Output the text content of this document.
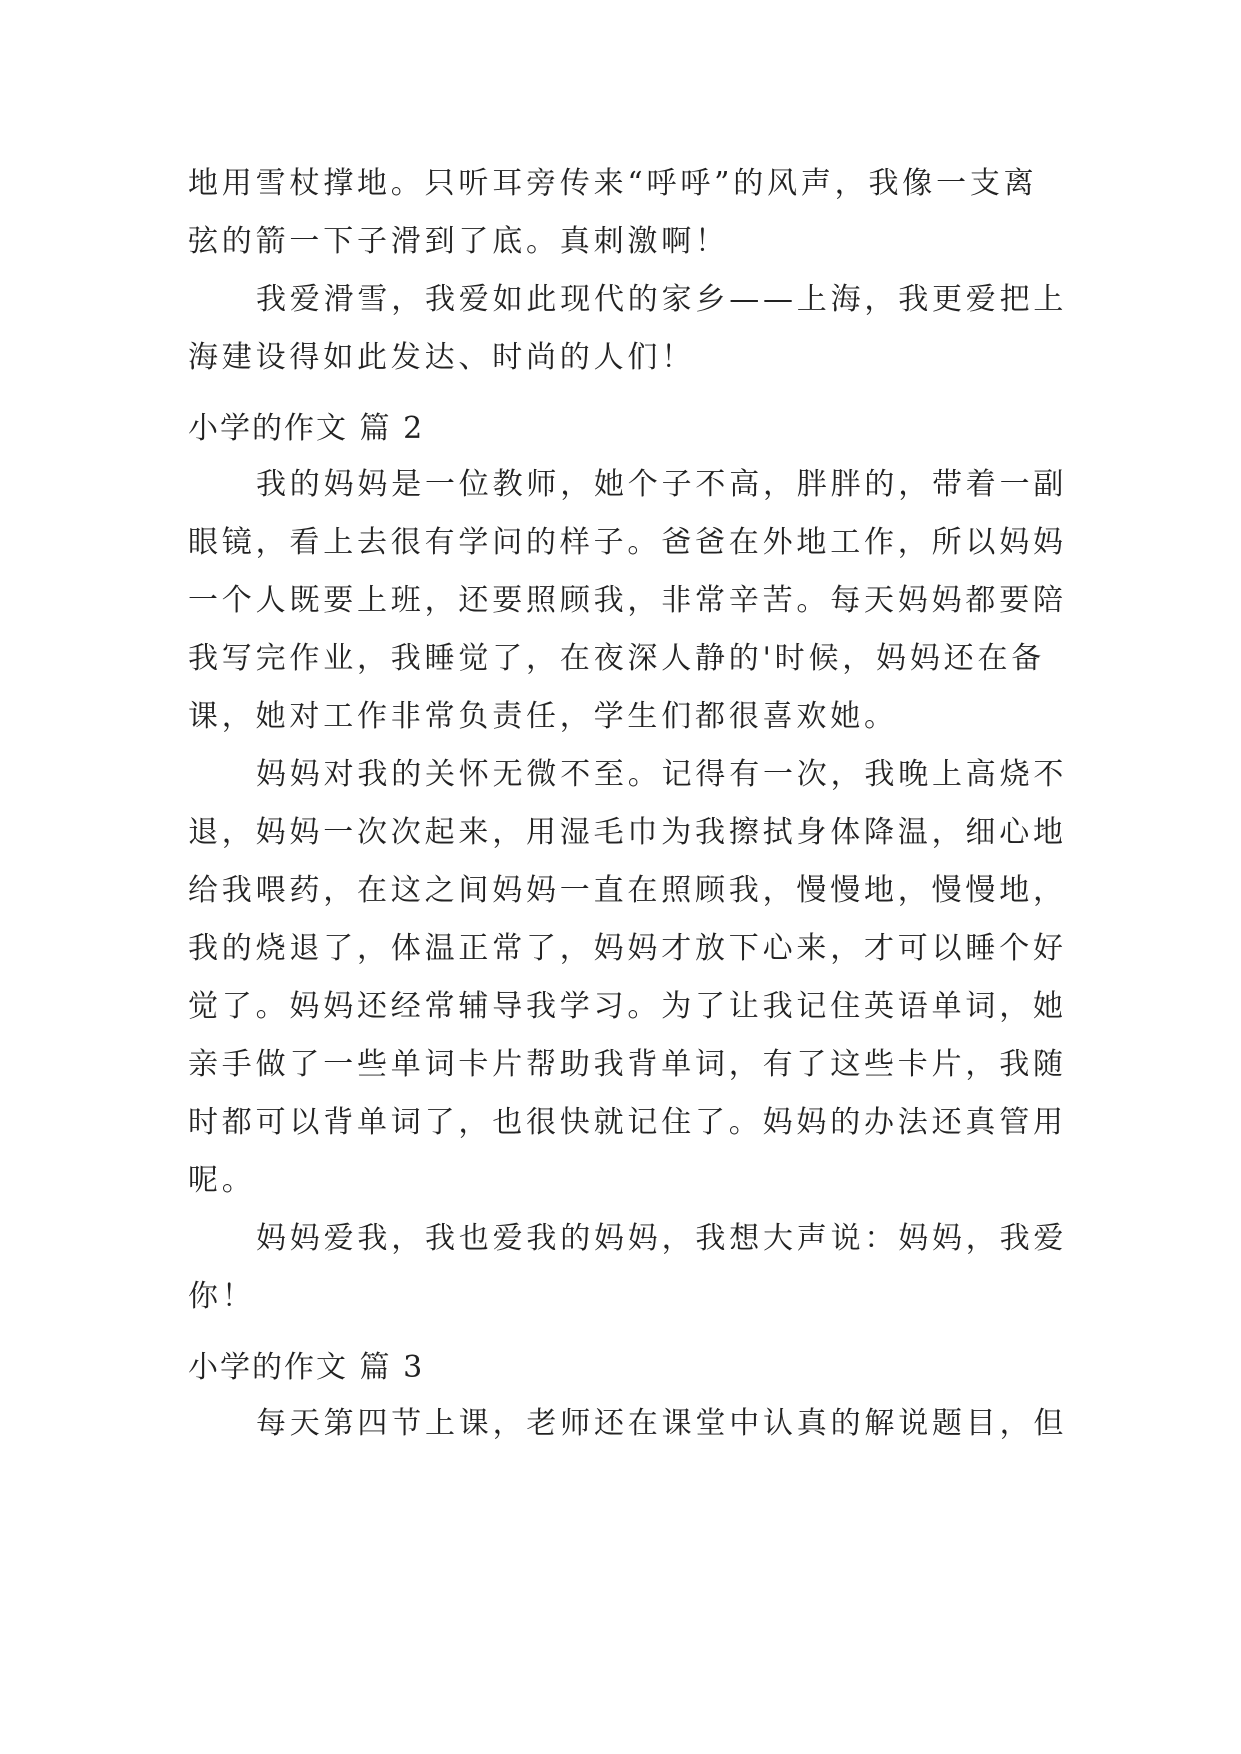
地用雪杖撑地。只听耳旁传来“呼呼”的风声，我像一支离
弦的箭一下子滑到了底。真刺激啊！
我爱滑雪，我爱如此现代的家乡——上海，我更爱把上
海建设得如此发达、时尚的人们！
小学的作文 篇 2
我的妈妈是一位教师，她个子不高，胖胖的，带着一副
眼镜，看上去很有学问的样子。爸爸在外地工作，所以妈妈
一个人既要上班，还要照顾我，非常辛苦。每天妈妈都要陪
我写完作业，我睡觉了，在夜深人静的'时候，妈妈还在备
课，她对工作非常负责任，学生们都很喜欢她。
妈妈对我的关怀无微不至。记得有一次，我晚上高烧不
退，妈妈一次次起来，用湿毛巾为我擦拭身体降温，细心地
给我喂药，在这之间妈妈一直在照顾我，慢慢地，慢慢地，
我的烧退了，体温正常了，妈妈才放下心来，才可以睡个好
觉了。妈妈还经常辅导我学习。为了让我记住英语单词，她
亲手做了一些单词卡片帮助我背单词，有了这些卡片，我随
时都可以背单词了，也很快就记住了。妈妈的办法还真管用
呢。
妈妈爱我，我也爱我的妈妈，我想大声说：妈妈，我爱
你！
小学的作文 篇 3
每天第四节上课，老师还在课堂中认真的解说题目，但
